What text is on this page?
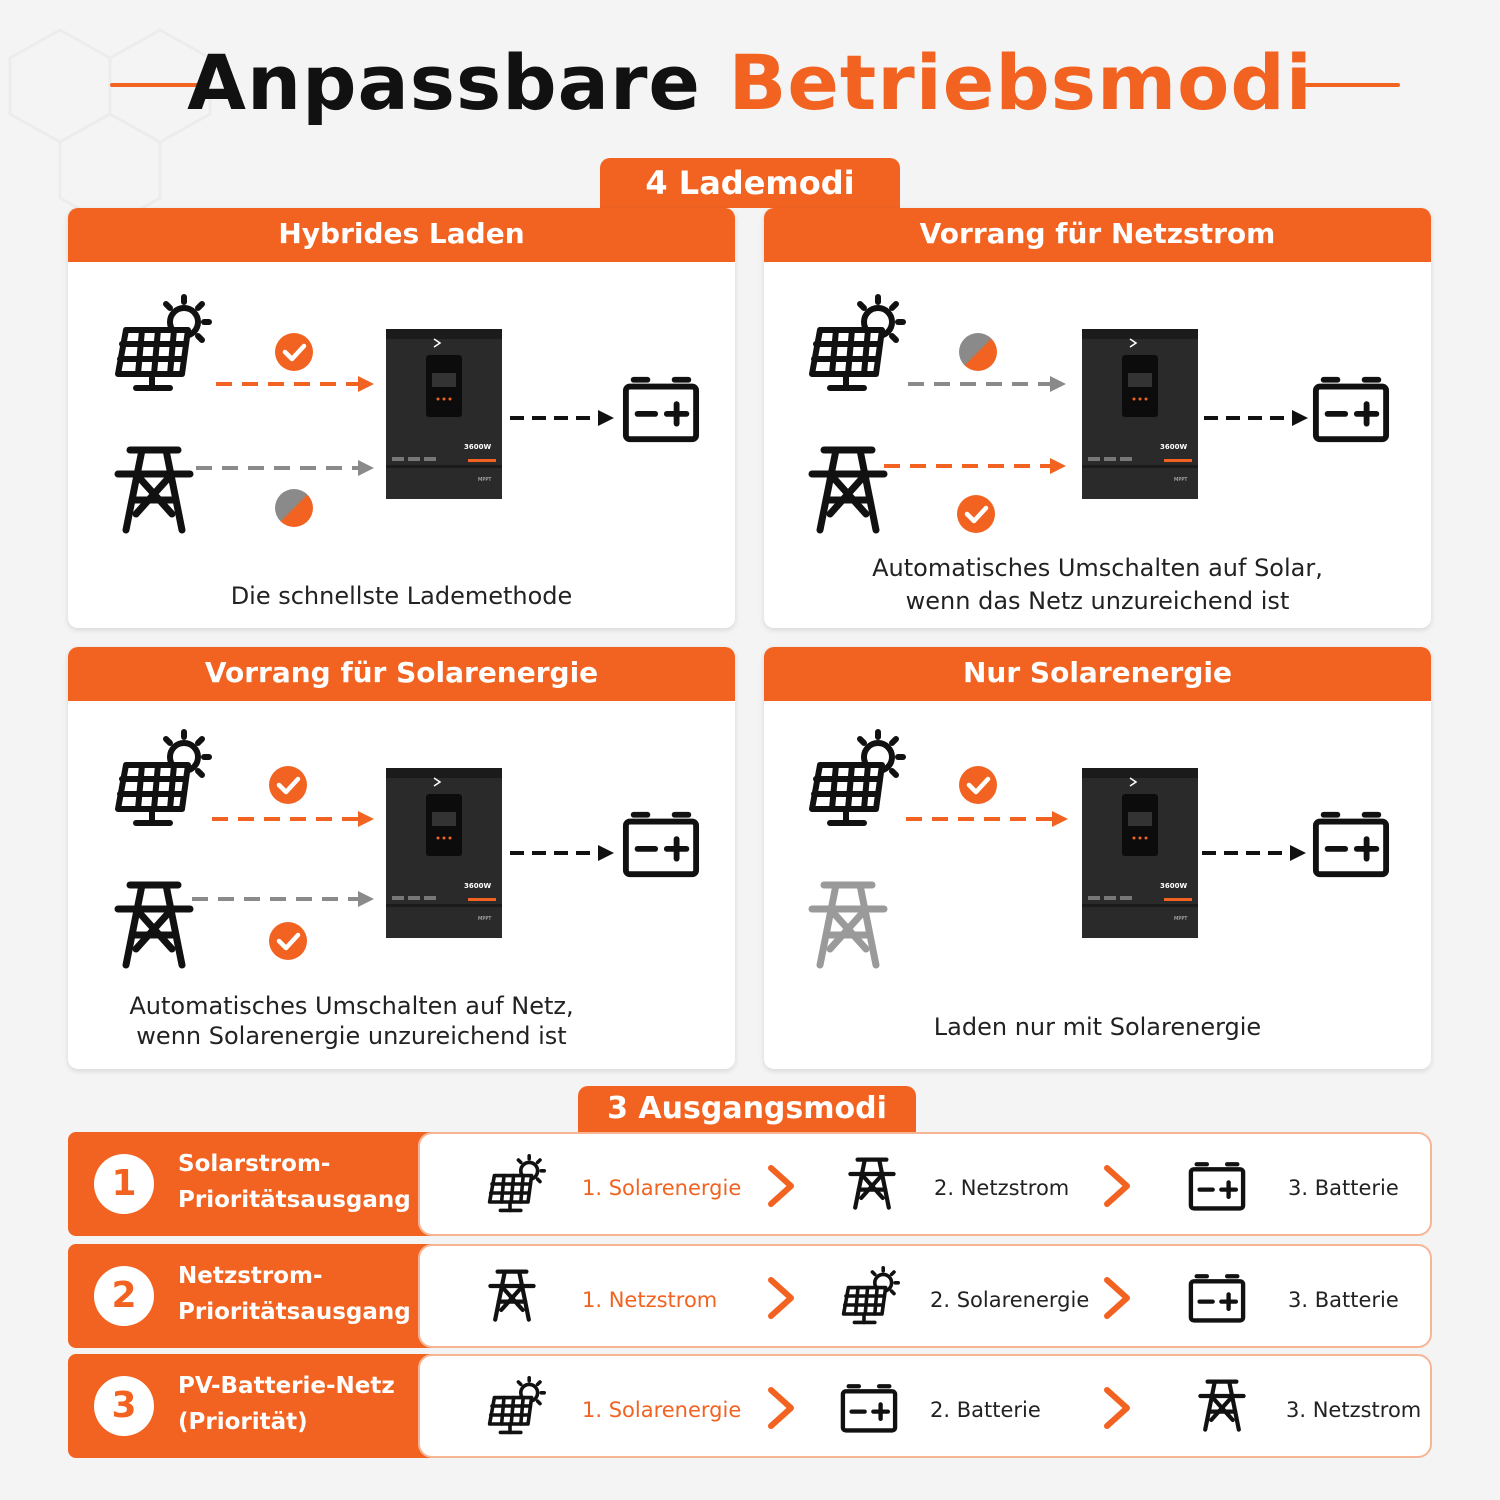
Anpassbare Betriebsmodi
4 Lademodi
Hybrides Laden
3600W
MPPT
Die schnellste Lademethode
Vorrang für Netzstrom
3600W
MPPT
Automatisches Umschalten auf Solar,
wenn das Netz unzureichend ist
Vorrang für Solarenergie
3600W
MPPT
Automatisches Umschalten auf Netz,
wenn Solarenergie unzureichend ist
Nur Solarenergie
3600W
MPPT
Laden nur mit Solarenergie
3 Ausgangsmodi
1	Solarstrom-
Prioritätsausgang	1. Solarenergie	2. Netzstrom	3. Batterie
2	Netzstrom-
Prioritätsausgang	1. Netzstrom	2. Solarenergie	3. Batterie
3	PV-Batterie-Netz
(Priorität)	1. Solarenergie	2. Batterie	3. Netzstrom
